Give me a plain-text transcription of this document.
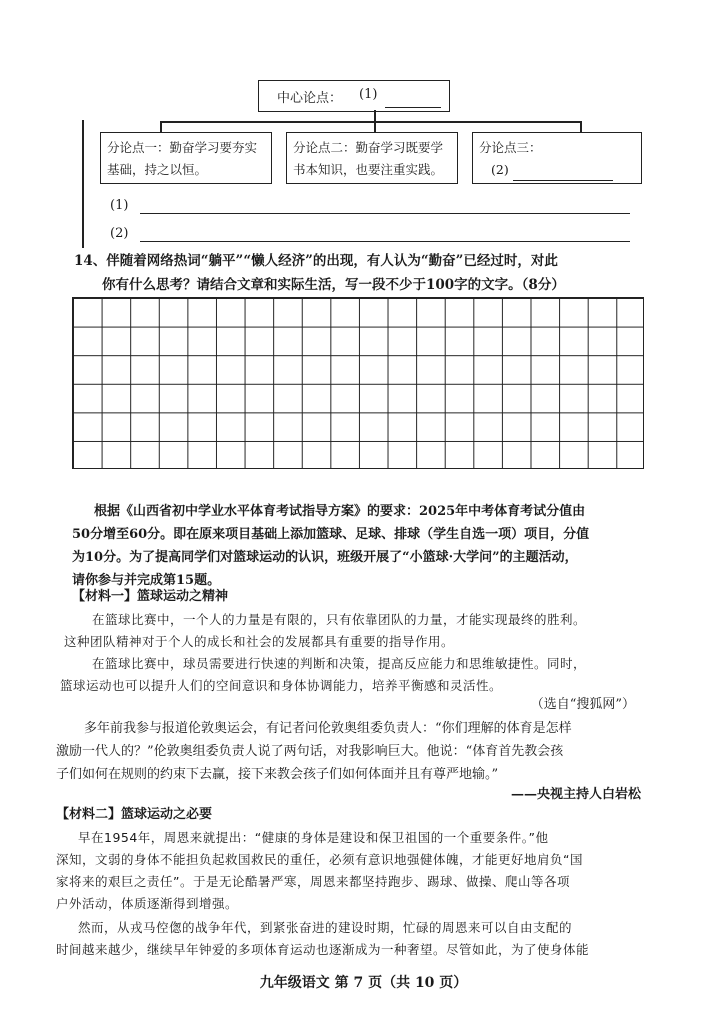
中心论点： (1)
分论点一：勤奋学习要夯实基础，持之以恒。
分论点二：勤奋学习既要学书本知识，也要注重实践。
分论点三：
(2)
(1)
(2)
14、伴随着网络热词“躺平”“懒人经济”的出现，有人认为“勤奋”已经过时，对此
你有什么思考？请结合文章和实际生活，写一段不少于100字的文字。（8分）
根据《山西省初中学业水平体育考试指导方案》的要求：2025年中考体育考试分值由
50分增至60分。即在原来项目基础上添加篮球、足球、排球（学生自选一项）项目，分值
为10分。为了提高同学们对篮球运动的认识，班级开展了“小篮球·大学问”的主题活动，
请你参与并完成第15题。
【材料一】篮球运动之精神
在篮球比赛中，一个人的力量是有限的，只有依靠团队的力量，才能实现最终的胜利。
这种团队精神对于个人的成长和社会的发展都具有重要的指导作用。
在篮球比赛中，球员需要进行快速的判断和决策，提高反应能力和思维敏捷性。同时，
篮球运动也可以提升人们的空间意识和身体协调能力，培养平衡感和灵活性。
（选自“搜狐网”）
多年前我参与报道伦敦奥运会，有记者问伦敦奥组委负责人：“你们理解的体育是怎样
激励一代人的？”伦敦奥组委负责人说了两句话，对我影响巨大。他说：“体育首先教会孩
子们如何在规则的约束下去赢，接下来教会孩子们如何体面并且有尊严地输。”
——央视主持人白岩松
【材料二】篮球运动之必要
早在1954年，周恩来就提出：“健康的身体是建设和保卫祖国的一个重要条件。”他
深知，文弱的身体不能担负起救国救民的重任，必须有意识地强健体魄，才能更好地肩负“国
家将来的艰巨之责任”。于是无论酷暑严寒，周恩来都坚持跑步、踢球、做操、爬山等各项
户外活动，体质逐渐得到增强。
然而，从戎马倥偬的战争年代，到紧张奋进的建设时期，忙碌的周恩来可以自由支配的
时间越来越少，继续早年钟爱的多项体育运动也逐渐成为一种奢望。尽管如此，为了使身体能
九年级语文 第 7 页（共 10 页）
